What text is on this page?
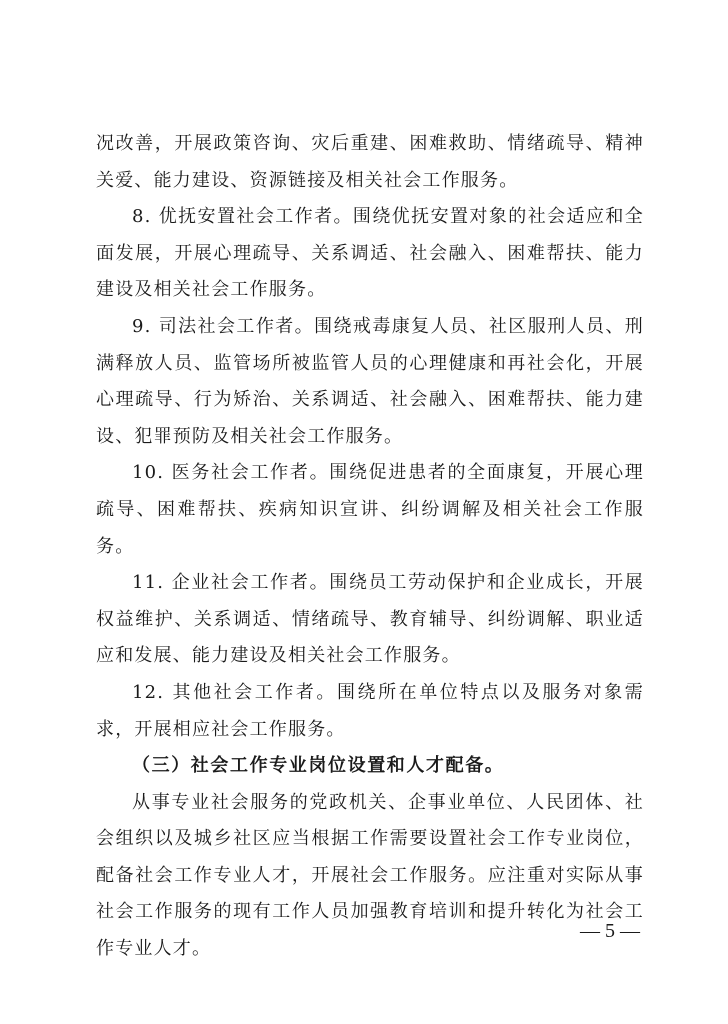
况改善，开展政策咨询、灾后重建、困难救助、情绪疏导、精神关爱、能力建设、资源链接及相关社会工作服务。

8. 优抚安置社会工作者。围绕优抚安置对象的社会适应和全面发展，开展心理疏导、关系调适、社会融入、困难帮扶、能力建设及相关社会工作服务。

9. 司法社会工作者。围绕戒毒康复人员、社区服刑人员、刑满释放人员、监管场所被监管人员的心理健康和再社会化，开展心理疏导、行为矫治、关系调适、社会融入、困难帮扶、能力建设、犯罪预防及相关社会工作服务。

10. 医务社会工作者。围绕促进患者的全面康复，开展心理疏导、困难帮扶、疾病知识宣讲、纠纷调解及相关社会工作服务。

11. 企业社会工作者。围绕员工劳动保护和企业成长，开展权益维护、关系调适、情绪疏导、教育辅导、纠纷调解、职业适应和发展、能力建设及相关社会工作服务。

12. 其他社会工作者。围绕所在单位特点以及服务对象需求，开展相应社会工作服务。

（三）社会工作专业岗位设置和人才配备。

从事专业社会服务的党政机关、企事业单位、人民团体、社会组织以及城乡社区应当根据工作需要设置社会工作专业岗位，配备社会工作专业人才，开展社会工作服务。应注重对实际从事社会工作服务的现有工作人员加强教育培训和提升转化为社会工作专业人才。

— 5 —
